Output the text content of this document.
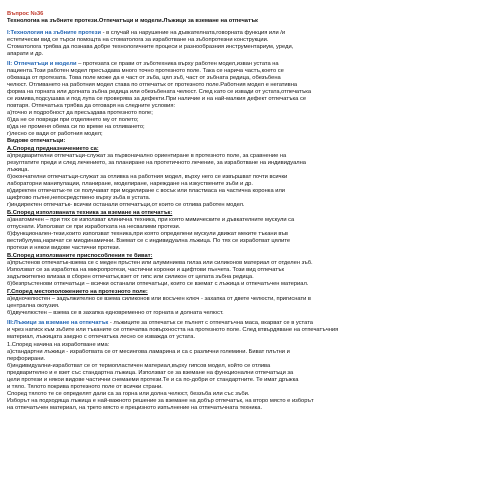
Въпрос №36
Технологиа на зъбните протези.Отпечатъци и модели.Лъжици за вземане на отпечатък
I:Технология на зъбните протези - в случай на нарушение на дъвкателната,говорната функция или /и
естетически вид се търси помощта на стоматолога за изработване на зъбопротезни конструкции.
Стоматолога трябва да познава добре технологичните процеси и разнообразния инструментариум, уреди,
апарати и др.
II: Отпечатъци и модели – протезата се прави от зъботехника върху работен модел,изван устата на
пациента.Този работен модел пресъздава много точно протезното поле. Така се нарича частъ,което се
обхваща от протезата. Това поле може да е част от зъба, цял зъб, част от зъбната редица, обезъбена
челюст. Отливането на работния модел става по отпечатък от протезното поле.Работния модел е негативна
форма на горната или долната зъбна редица или обезъбената челюст. След като се извади от устата,отпечатъка
се измива,подсушава и под лупа се проверява за дефекти.При наличие и на най-малкия дефект отпечатъка се
повтаря. Отпечатъка трябва да отговаря на следните условия:
а)точно и подробност да пресъздава протезното поле;
б)да не се повреди при отделянето му от полето;
в)да не променя обема си по време на отливането;
г)лесно се вади от работния модел;
Видове отпечатъци:
А.Според предназначението са:
а)предварителни отпечатъци-служат за първоначално ориентиране в протезното поле, за сравнение на
резултатите преди и след лечението, за планиране на протетичното лечение, за изработване на индивидуална
лъжица.
б)окончателни отпечатъци-служат за отливка на работния модел, върху него се извършват почти всички
лабораторни манипулации, планиране, моделиране, нареждане на изкуствените зъби и др.
в)директен отпечатък-те се получават при моделиране с восък или пластмаса на частична коронка или
щифтово пълне,непосредствено върху зъба в устата.
г)индиректен отпечатък- всички останали отпечатъци,от които се отлива работен модел.
Б.Според използваната техника за вземане на отпечатък:
а)анатомичен – при тях се използват клинична техника, при която мимическите и дъвкателните мускули са
отпуснати. Използват се при изработката на несвалими протези.
б)функционален-тези,които използват техника,при която определени мускули движат меките тъкани във
вестибулума,наричат се миодинамични. Вземат се с индивидуална лъжица. По тях се изработват цялите
протези и някои видове частични протези.
В.Според използваните приспособления те биват:
а)пръстенов отпечатък-взема се с меден пръстен или алуминиева гилза или силиконов материал от отделен зъб.
Използват се за изработка на микропротези, частични коронки и щифтови пънчета. Този вид отпечатък
задължително влизаа в сборен отпечатък,взет от гипс или силикон от целата зъбна редица.
б)безпръстенови отпечатъци – всички останали отпечатъци, които се вземат с лъжица и отпечатъчен материал.
Г.Според местоположението на протезното поле:
а)едночелюстен – задължително се взема силиконов или восъчен ключ - захапка от двете челюсти, пригиснати в
централна оклузия.
б)двучелюстен – взема се в захапка едновременно от горната и долната челюст.
III:Лъжици за вземане на отпечатък - лъжиците за отпечатък се пълнят с отпечатъчна маса, вкарват се в устата
и чрез натиск към зъбите или тъканите се отпечатва повърхността на протезното поле. След втвърдяване на отпечатъчния
материал, лъжицата заедно с отпечатъка лесно се изважда от устата.
1.Според начина на изработване има:
а)стандартни лъжици - изработвата се от месингова ламарина и са с различни големини. Биват плътни и
перфорирани.
б)индивидуални-изработват се от термопластичен материал,върху гипсов модел, който се отлива
предварително и е взет със стандартна лъжица. Използват се за вземане на функционални отпечатъци за
цели протези и някои видове частични снемаеми протези.Те и са по-добри от стандартните. Те имат дръжка
и тяло. Тялото покрива протезното поле от всички страни.
Според тялото те се определят дали са за горна или долна челюст, беззъба или със зъби.
Изборът на подходяща лъжица е най-важното решение за вземане на добър отпечатък, на второ място е изборът
на отпечатъчен материал, на трето място е прецизното изпълнение на отпечатъчната техника.
